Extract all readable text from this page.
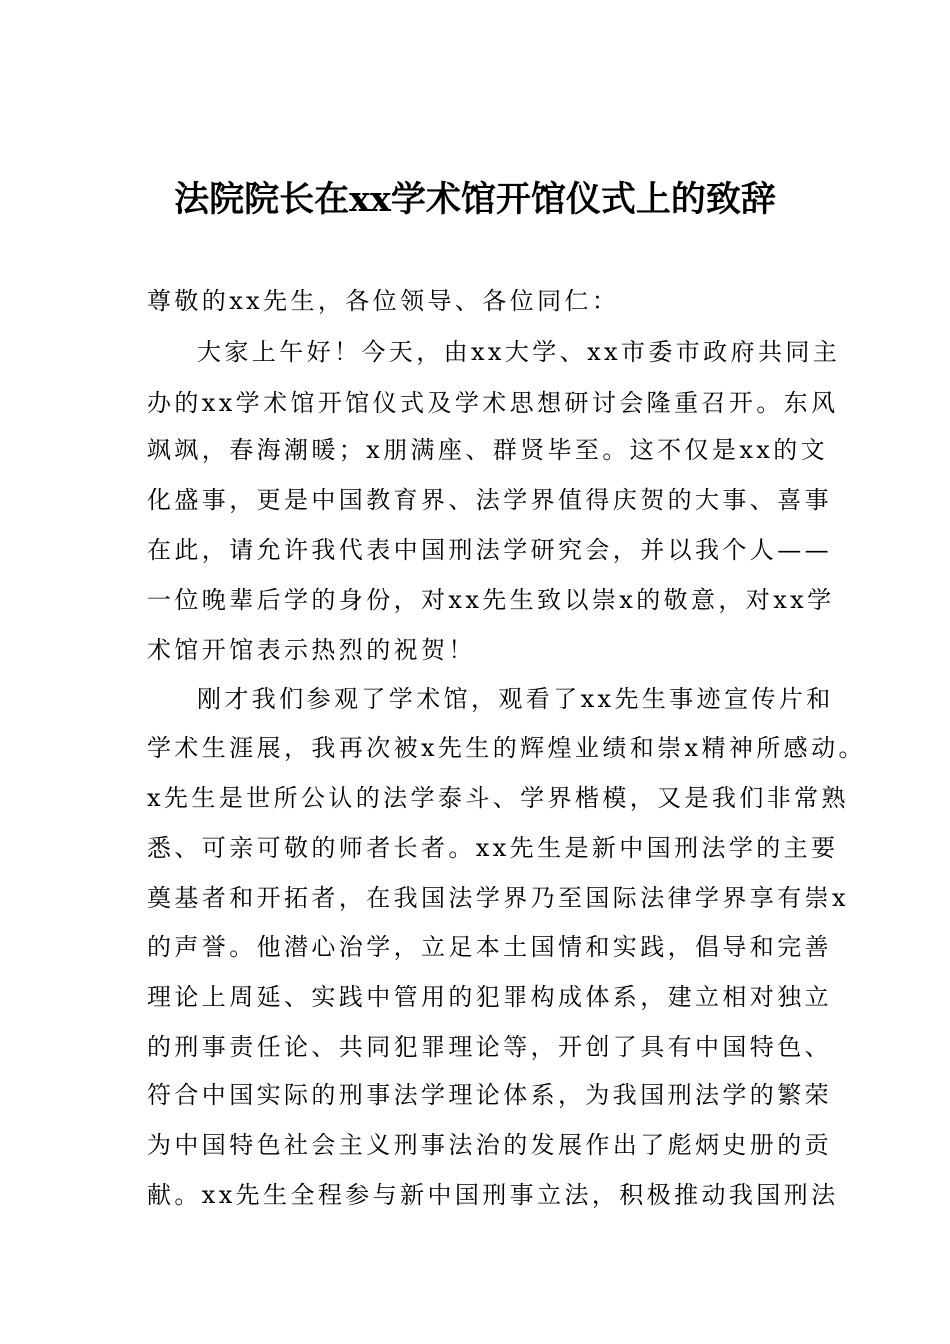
法院院长在xx学术馆开馆仪式上的致辞

尊敬的xx先生，各位领导、各位同仁：

大家上午好！今天，由xx大学、xx市委市政府共同主

办的xx学术馆开馆仪式及学术思想研讨会隆重召开。东风

飒飒，春海潮暖；x朋满座、群贤毕至。这不仅是xx的文

化盛事，更是中国教育界、法学界值得庆贺的大事、喜事

在此，请允许我代表中国刑法学研究会，并以我个人——

一位晚辈后学的身份，对xx先生致以崇x的敬意，对xx学

术馆开馆表示热烈的祝贺！

刚才我们参观了学术馆，观看了xx先生事迹宣传片和

学术生涯展，我再次被x先生的辉煌业绩和崇x精神所感动。

x先生是世所公认的法学泰斗、学界楷模，又是我们非常熟

悉、可亲可敬的师者长者。xx先生是新中国刑法学的主要

奠基者和开拓者，在我国法学界乃至国际法律学界享有崇x

的声誉。他潜心治学，立足本土国情和实践，倡导和完善

理论上周延、实践中管用的犯罪构成体系，建立相对独立

的刑事责任论、共同犯罪理论等，开创了具有中国特色、

符合中国实际的刑事法学理论体系，为我国刑法学的繁荣

为中国特色社会主义刑事法治的发展作出了彪炳史册的贡

献。xx先生全程参与新中国刑事立法，积极推动我国刑法
